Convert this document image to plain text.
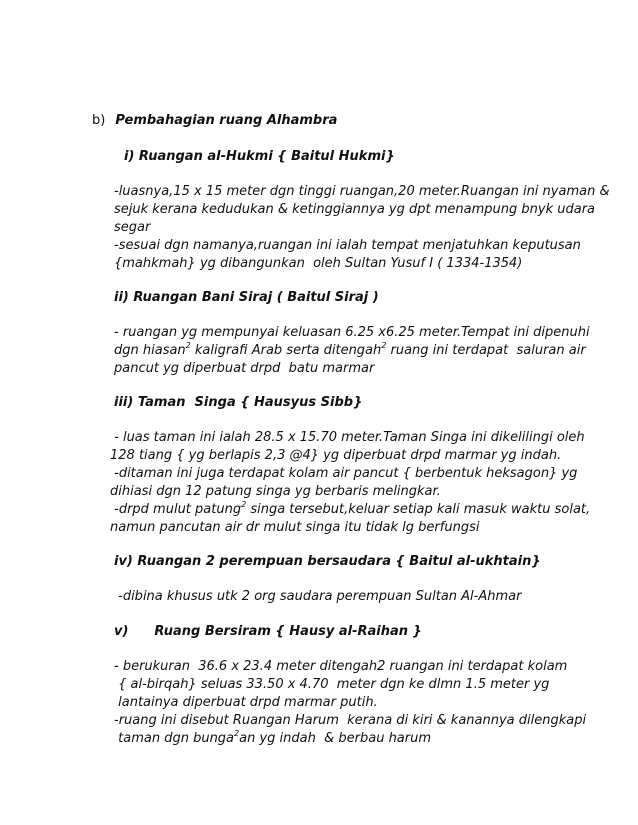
b) Pembahagian ruang Alhambra
i) Ruangan al-Hukmi { Baitul Hukmi}
-luasnya,15 x 15 meter dgn tinggi ruangan,20 meter.Ruangan ini nyaman &
sejuk kerana kedudukan & ketinggiannya yg dpt menampung bnyk udara
segar
-sesuai dgn namanya,ruangan ini ialah tempat menjatuhkan keputusan
{mahkmah} yg dibangunkan  oleh Sultan Yusuf I ( 1334-1354)
ii) Ruangan Bani Siraj ( Baitul Siraj )
- ruangan yg mempunyai keluasan 6.25 x6.25 meter.Tempat ini dipenuhi
dgn hiasan$^2$ kaligrafi Arab serta ditengah$^2$ ruang ini terdapat  saluran air
pancut yg diperbuat drpd  batu marmar
iii) Taman  Singa { Hausyus Sibb}
- luas taman ini ialah 28.5 x 15.70 meter.Taman Singa ini dikelilingi oleh
128 tiang { yg berlapis 2,3 @4} yg diperbuat drpd marmar yg indah.
-ditaman ini juga terdapat kolam air pancut { berbentuk heksagon} yg
dihiasi dgn 12 patung singa yg berbaris melingkar.
-drpd mulut patung$^2$ singa tersebut,keluar setiap kali masuk waktu solat,
namun pancutan air dr mulut singa itu tidak lg berfungsi
iv) Ruangan 2 perempuan bersaudara { Baitul al-ukhtain}
-dibina khusus utk 2 org saudara perempuan Sultan Al-Ahmar
v) Ruang Bersiram { Hausy al-Raihan }
- berukuran  36.6 x 23.4 meter ditengah2 ruangan ini terdapat kolam
{ al-birqah} seluas 33.50 x 4.70  meter dgn ke dlmn 1.5 meter yg
lantainya diperbuat drpd marmar putih.
-ruang ini disebut Ruangan Harum  kerana di kiri & kanannya dilengkapi
taman dgn bunga$^2$an yg indah  & berbau harum
